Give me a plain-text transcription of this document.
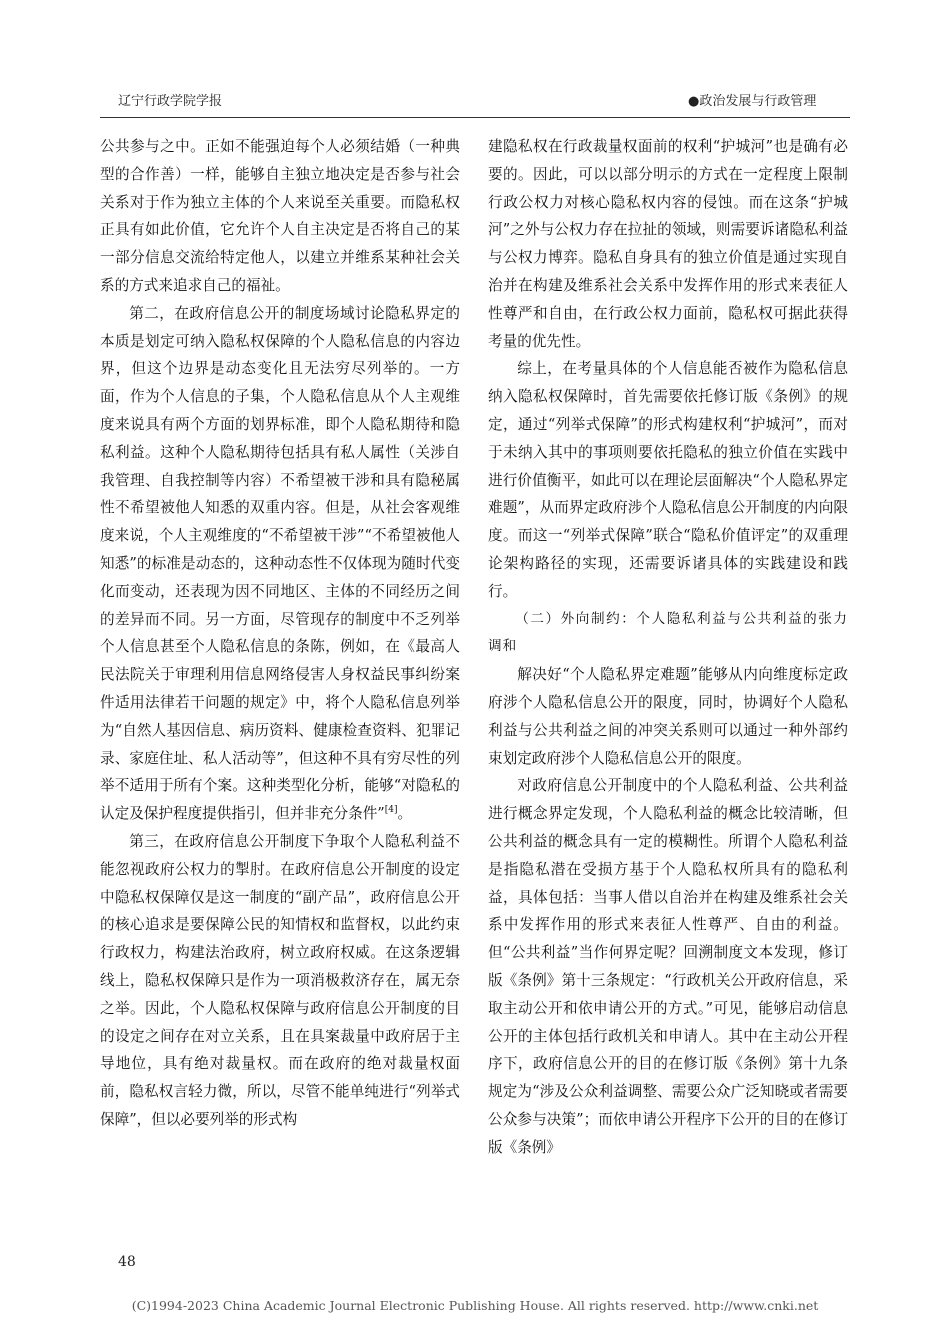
辽宁行政学院学报	●政治发展与行政管理

公共参与之中。正如不能强迫每个人必须结婚（一种典型的合作善）一样，能够自主独立地决定是否参与社会关系对于作为独立主体的个人来说至关重要。而隐私权正具有如此价值，它允许个人自主决定是否将自己的某一部分信息交流给特定他人，以建立并维系某种社会关系的方式来追求自己的福祉。

第二，在政府信息公开的制度场域讨论隐私界定的本质是划定可纳入隐私权保障的个人隐私信息的内容边界，但这个边界是动态变化且无法穷尽列举的。一方面，作为个人信息的子集，个人隐私信息从个人主观维度来说具有两个方面的划界标准，即个人隐私期待和隐私利益。这种个人隐私期待包括具有私人属性（关涉自我管理、自我控制等内容）不希望被干涉和具有隐秘属性不希望被他人知悉的双重内容。但是，从社会客观维度来说，个人主观维度的“不希望被干涉”“不希望被他人知悉”的标准是动态的，这种动态性不仅体现为随时代变化而变动，还表现为因不同地区、主体的不同经历之间的差异而不同。另一方面，尽管现存的制度中不乏列举个人信息甚至个人隐私信息的条陈，例如，在《最高人民法院关于审理利用信息网络侵害人身权益民事纠纷案件适用法律若干问题的规定》中，将个人隐私信息列举为“自然人基因信息、病历资料、健康检查资料、犯罪记录、家庭住址、私人活动等”，但这种不具有穷尽性的列举不适用于所有个案。这种类型化分析，能够“对隐私的认定及保护程度提供指引，但并非充分条件”[4]。

第三，在政府信息公开制度下争取个人隐私利益不能忽视政府公权力的掣肘。在政府信息公开制度的设定中隐私权保障仅是这一制度的“副产品”，政府信息公开的核心追求是要保障公民的知情权和监督权，以此约束行政权力，构建法治政府，树立政府权威。在这条逻辑线上，隐私权保障只是作为一项消极救济存在，属无奈之举。因此，个人隐私权保障与政府信息公开制度的目的设定之间存在对立关系，且在具案裁量中政府居于主导地位，具有绝对裁量权。而在政府的绝对裁量权面前，隐私权言轻力微，所以，尽管不能单纯进行“列举式保障”，但以必要列举的形式构

建隐私权在行政裁量权面前的权利“护城河”也是确有必要的。因此，可以以部分明示的方式在一定程度上限制行政公权力对核心隐私权内容的侵蚀。而在这条“护城河”之外与公权力存在拉扯的领域，则需要诉诸隐私利益与公权力博弈。隐私自身具有的独立价值是通过实现自治并在构建及维系社会关系中发挥作用的形式来表征人性尊严和自由，在行政公权力面前，隐私权可据此获得考量的优先性。

综上，在考量具体的个人信息能否被作为隐私信息纳入隐私权保障时，首先需要依托修订版《条例》的规定，通过“列举式保障”的形式构建权利“护城河”，而对于未纳入其中的事项则要依托隐私的独立价值在实践中进行价值衡平，如此可以在理论层面解决“个人隐私界定难题”，从而界定政府涉个人隐私信息公开制度的内向限度。而这一“列举式保障”联合“隐私价值评定”的双重理论架构路径的实现，还需要诉诸具体的实践建设和践行。

（二）外向制约：个人隐私利益与公共利益的张力调和

解决好“个人隐私界定难题”能够从内向维度标定政府涉个人隐私信息公开的限度，同时，协调好个人隐私利益与公共利益之间的冲突关系则可以通过一种外部约束划定政府涉个人隐私信息公开的限度。

对政府信息公开制度中的个人隐私利益、公共利益进行概念界定发现，个人隐私利益的概念比较清晰，但公共利益的概念具有一定的模糊性。所谓个人隐私利益是指隐私潜在受损方基于个人隐私权所具有的隐私利益，具体包括：当事人借以自治并在构建及维系社会关系中发挥作用的形式来表征人性尊严、自由的利益。但“公共利益”当作何界定呢？回溯制度文本发现，修订版《条例》第十三条规定：“行政机关公开政府信息，采取主动公开和依申请公开的方式。”可见，能够启动信息公开的主体包括行政机关和申请人。其中在主动公开程序下，政府信息公开的目的在修订版《条例》第十九条规定为“涉及公众利益调整、需要公众广泛知晓或者需要公众参与决策”；而依申请公开程序下公开的目的在修订版《条例》

48
(C)1994-2023 China Academic Journal Electronic Publishing House. All rights reserved. http://www.cnki.net
